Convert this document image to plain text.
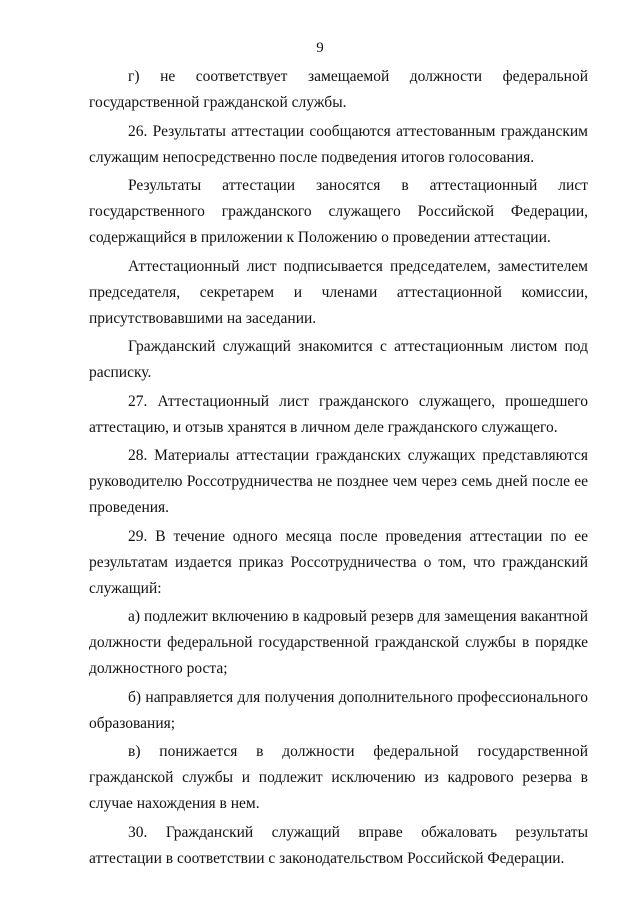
9

г) не соответствует замещаемой должности федеральной государственной гражданской службы.

26. Результаты аттестации сообщаются аттестованным гражданским служащим непосредственно после подведения итогов голосования.

Результаты аттестации заносятся в аттестационный лист государственного гражданского служащего Российской Федерации, содержащийся в приложении к Положению о проведении аттестации.

Аттестационный лист подписывается председателем, заместителем председателя, секретарем и членами аттестационной комиссии, присутствовавшими на заседании.

Гражданский служащий знакомится с аттестационным листом под расписку.

27. Аттестационный лист гражданского служащего, прошедшего аттестацию, и отзыв хранятся в личном деле гражданского служащего.

28. Материалы аттестации гражданских служащих представляются руководителю Россотрудничества не позднее чем через семь дней после ее проведения.

29. В течение одного месяца после проведения аттестации по ее результатам издается приказ Россотрудничества о том, что гражданский служащий:

а) подлежит включению в кадровый резерв для замещения вакантной должности федеральной государственной гражданской службы в порядке должностного роста;

б) направляется для получения дополнительного профессионального образования;

в) понижается в должности федеральной государственной гражданской службы и подлежит исключению из кадрового резерва в случае нахождения в нем.

30. Гражданский служащий вправе обжаловать результаты аттестации в соответствии с законодательством Российской Федерации.
